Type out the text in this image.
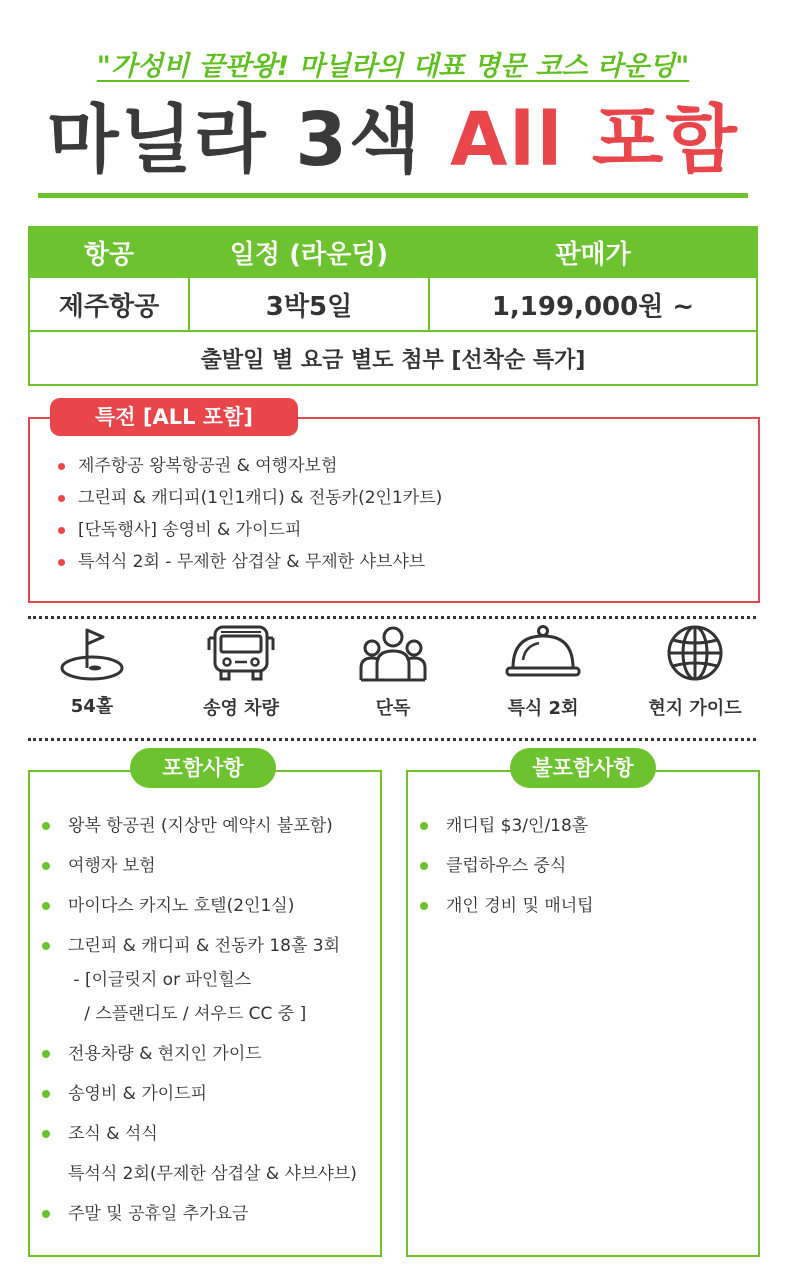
"가성비 끝판왕! 마닐라의 대표 명문 코스 라운딩"
마닐라 3색 All 포함
항공	일정 (라운딩)	판매가
제주항공	3박5일	1,199,000원 ~
출발일 별 요금 별도 첨부 [선착순 특가]		
특전 [ALL 포함]
제주항공 왕복항공권 & 여행자보험
그린피 & 캐디피(1인1캐디) & 전동카(2인1카트)
[단독행사] 송영비 & 가이드피
특석식 2회 - 무제한 삼겹살 & 무제한 샤브샤브
54홀	송영 차량	단독	특식 2회	현지 가이드
포함사항
왕복 항공권 (지상만 예약시 불포함)
여행자 보험
마이다스 카지노 호텔(2인1실)
그린피 & 캐디피 & 전동카 18홀 3회
- [이글릿지 or 파인힐스
/ 스플랜디도 / 셔우드 CC 중 ]
전용차량 & 현지인 가이드
송영비 & 가이드피
조식 & 석식
특석식 2회(무제한 삼겹살 & 샤브샤브)
주말 및 공휴일 추가요금
불포함사항
캐디팁 $3/인/18홀
클럽하우스 중식
개인 경비 및 매너팁
